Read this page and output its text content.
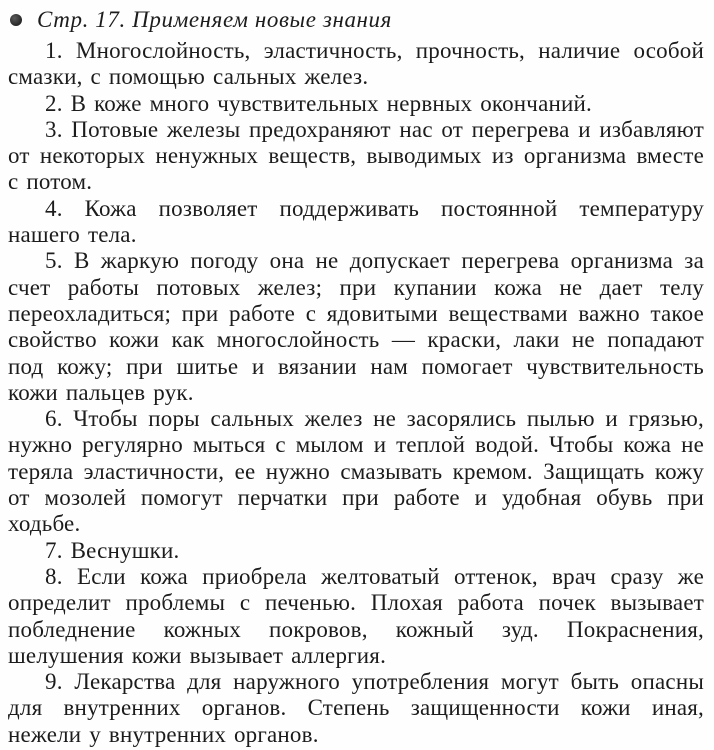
Стр. 17. Применяем новые знания

1. Многослойность, эластичность, прочность, наличие особой смазки, с помощью сальных желез.

2. В коже много чувствительных нервных окончаний.

3. Потовые железы предохраняют нас от перегрева и избавляют от некоторых ненужных веществ, выводимых из организма вместе с потом.

4. Кожа позволяет поддерживать постоянной температуру нашего тела.

5. В жаркую погоду она не допускает перегрева организма за счет работы потовых желез; при купании кожа не дает телу переохладиться; при работе с ядовитыми веществами важно такое свойство кожи как многослойность — краски, лаки не попадают под кожу; при шитье и вязании нам помогает чувствительность кожи пальцев рук.

6. Чтобы поры сальных желез не засорялись пылью и грязью, нужно регулярно мыться с мылом и теплой водой. Чтобы кожа не теряла эластичности, ее нужно смазывать кремом. Защищать кожу от мозолей помогут перчатки при работе и удобная обувь при ходьбе.

7. Веснушки.

8. Если кожа приобрела желтоватый оттенок, врач сразу же определит проблемы с печенью. Плохая работа почек вызывает побледнение кожных покровов, кожный зуд. Покраснения, шелушения кожи вызывает аллергия.

9. Лекарства для наружного употребления могут быть опасны для внутренних органов. Степень защищенности кожи иная, нежели у внутренних органов.
